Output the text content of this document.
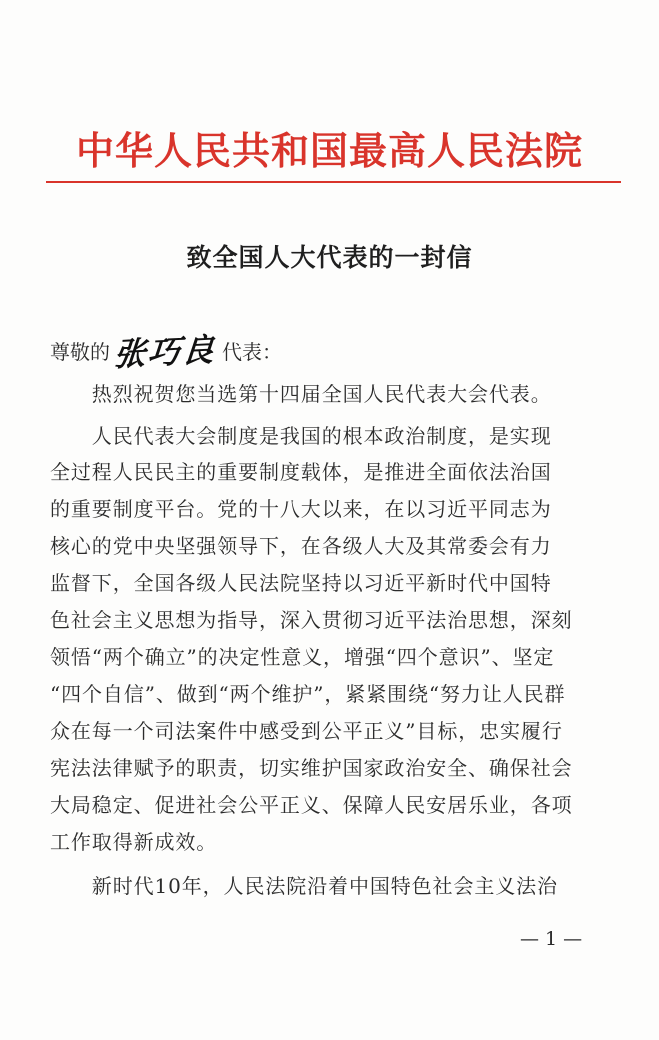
中华人民共和国最高人民法院
致全国人大代表的一封信
尊敬的 张巧良 代表：
　　热烈祝贺您当选第十四届全国人民代表大会代表。
　　人民代表大会制度是我国的根本政治制度，是实现
全过程人民民主的重要制度载体，是推进全面依法治国
的重要制度平台。党的十八大以来，在以习近平同志为
核心的党中央坚强领导下，在各级人大及其常委会有力
监督下，全国各级人民法院坚持以习近平新时代中国特
色社会主义思想为指导，深入贯彻习近平法治思想，深刻
领悟“两个确立”的决定性意义，增强“四个意识”、坚定
“四个自信”、做到“两个维护”，紧紧围绕“努力让人民群
众在每一个司法案件中感受到公平正义”目标，忠实履行
宪法法律赋予的职责，切实维护国家政治安全、确保社会
大局稳定、促进社会公平正义、保障人民安居乐业，各项
工作取得新成效。
　　新时代10年，人民法院沿着中国特色社会主义法治
— 1 —
